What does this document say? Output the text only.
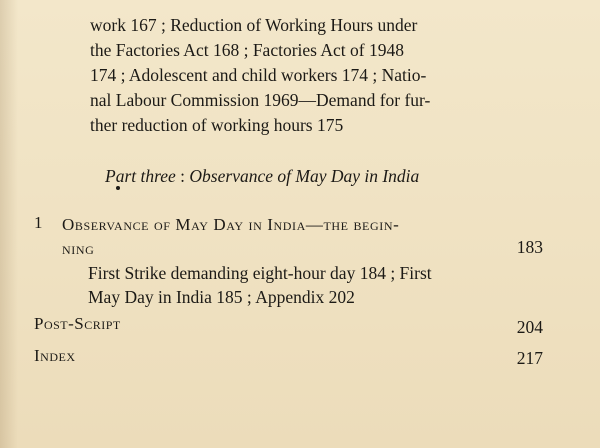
work 167 ; Reduction of Working Hours under
the Factories Act 168 ; Factories Act of 1948
174 ; Adolescent and child workers 174 ; Natio-
nal Labour Commission 1969—Demand for fur-
ther reduction of working hours 175
Part three : Observance of May Day in India
1 Observance of May Day in India—the begin-
ning	183
First Strike demanding eight-hour day 184 ; First
May Day in India 185 ; Appendix 202
Post-Script	204
Index	217
